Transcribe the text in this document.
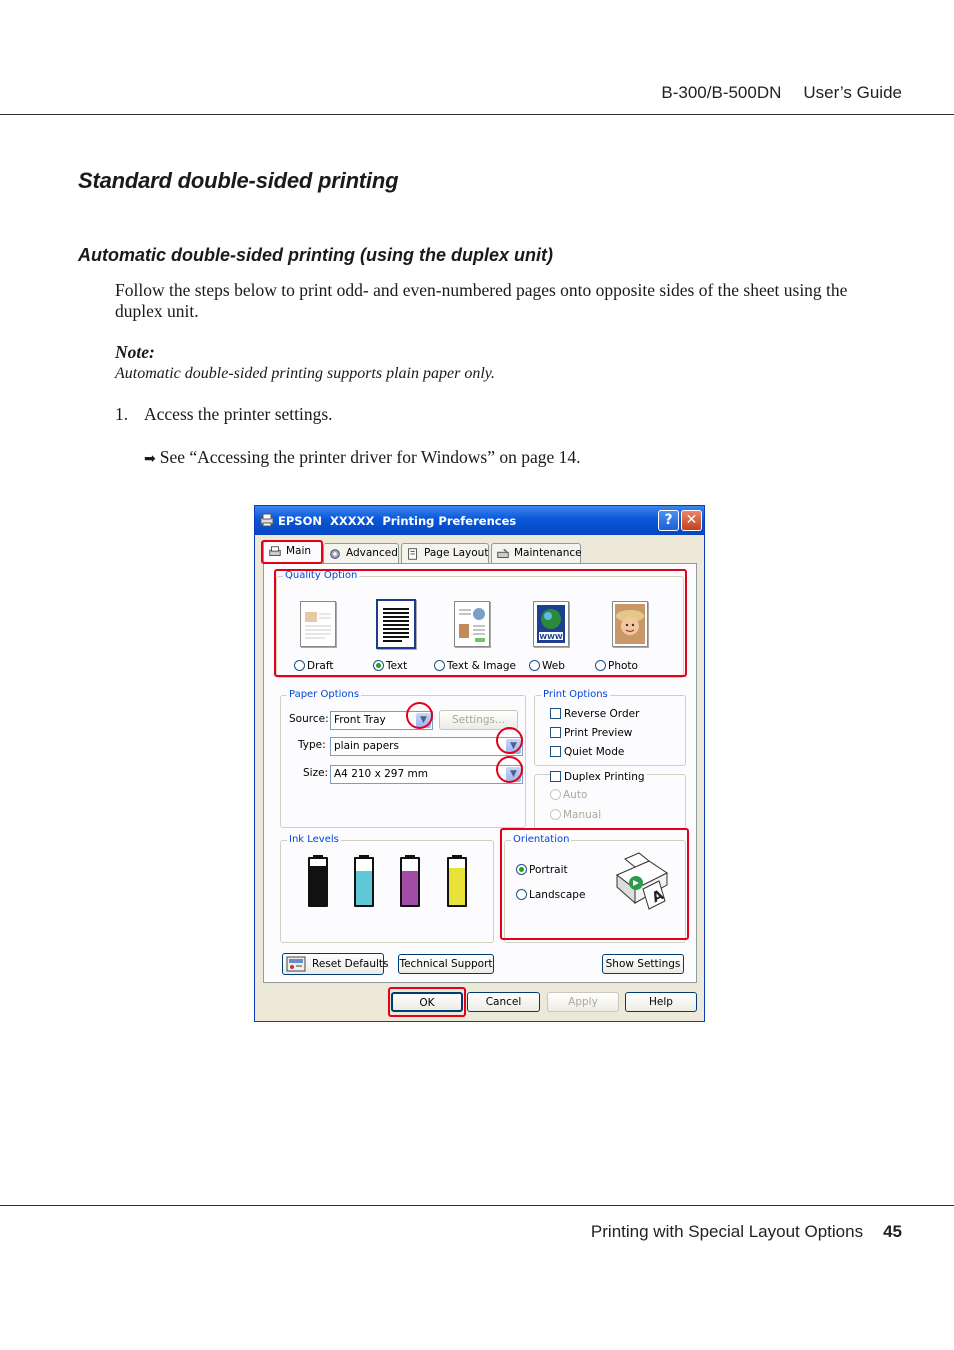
B-300/B-500DN User’s Guide
Standard double-sided printing
Automatic double-sided printing (using the duplex unit)
Follow the steps below to print odd- and even-numbered pages onto opposite sides of the sheet using the duplex unit.
Note:
Automatic double-sided printing supports plain paper only.
1. Access the printer settings.
➡ See “Accessing the printer driver for Windows” on page 14.
EPSON  XXXXX  Printing Preferences	? ✕
Main	Advanced	Page Layout	Maintenance
Quality Option
WWW
Draft	Text	Text & Image	Web	Photo
Paper Options
Source: Front Tray	▼	Settings...
Type: plain papers	▼
Size: A4 210 x 297 mm	▼
Print Options
Reverse Order
Print Preview
Quiet Mode
Duplex Printing
Auto
Manual
Ink Levels	Orientation
Portrait
Landscape	A
Reset Defaults Technical Support	Show Settings
OK	Cancel	Apply	Help
Printing with Special Layout Options 45
